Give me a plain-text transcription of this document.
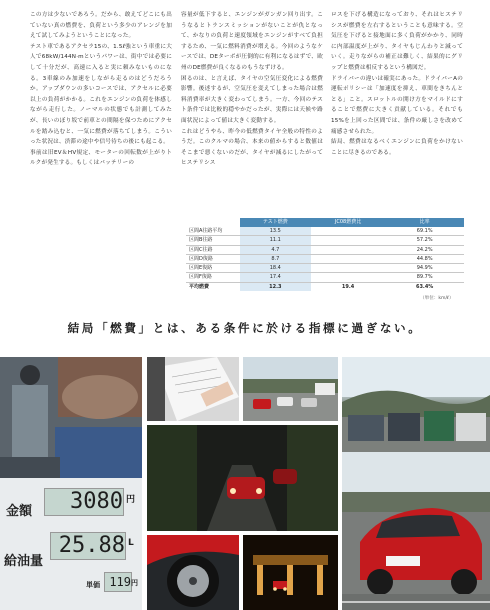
この方は少ないであろう。だから、敢えてどこにも出ていない真の燃費を、負荷という多少のアレンジを加えて試してみようということになった。

テスト車であるアクセラ15の、1.5ℓ強という車重に大人で68kW/144N·mというパワーは、街中では必要にして十分だが、高速に入ると実に頼みないものになる。3車線のみ加速をしながら走るのはどうだろうか。アップダウンの多いコースでは、アクセルに必要以上の負荷がかかる。これをエンジンの負荷を体感しながら走行した。ノーマルの状態でも計測してみたが、長いのぼり坂で前車との間隔を保つためにアクセルを踏み込むと、一気に燃費が落ちてしまう。こういった状況は、渋滞の途中や信号待ちの後にも起こる。

事前は旧EV＆HV規定、モーターの回転数が上がりトルクが発生する。もしくはバッテリーの

容量が低下すると、エンジンがガンガン回り出す。こうなるとトランスミッションがないことが仇となって、かなりの負荷と速度領域をエンジンがすべて負担するため、一気に燃料消費が増える。今回のようなケースでは、DEターボが圧倒的に有利になるはずで、欧州のDE燃費が良くなるのもうなずける。

困るのは、と言えば、タイヤの空気圧変化による燃費影響。後述するが、空気圧を変えてしまった場合は燃料消費率が大きく変わってしまう。一方、今回のテスト条件では比較的穏やかだったが、実際には天候や路面状況によって値は大きく変動する。

これはどうやら、昨今の低燃費タイヤ全般の特性のようだ。このクルマの場合、本来の値からすると数値はそこまで悪くないのだが、タイヤが減るにしたがってヒステリシス

ロスを下げる構造になっており、それはヒステリシスが燃費を左右するということも意味する。空気圧を下げると接地面に多く負荷がかかり、同時に内部温度が上がり、タイヤもじんわりと減っていく。走りながらの補正は難しく、結果的にグリップと燃費は相反するという構図だ。

ドライバーの違いは確実にあった。ドライバーAの運転ポリシーは「加速度を抑え、車間をきちんととる」こと。スロットルの開け方をマイルドにすることで燃費に大きく貢献している。それでも15%を上回った区間では、条件の厳しさを改めて痛感させられた。

結局、燃費はなるべくエンジンに負荷をかけないことに尽きるのである。

	テスト燃費	JC08燃費比	比率
区間A往路平均	13.5		69.1%
区間B往路	11.1		57.2%
区間C往路	4.7		24.2%
区間D復路	8.7		44.8%
区間E復路	18.4		94.9%
区間F復路	17.4		89.7%
平均燃費	12.3	19.4	63.4%
（単位：km/ℓ）
結局「燃費」とは、ある条件に於ける指標に過ぎない。
金額	3080 円
給油量
25.88 L
単価 119 円
